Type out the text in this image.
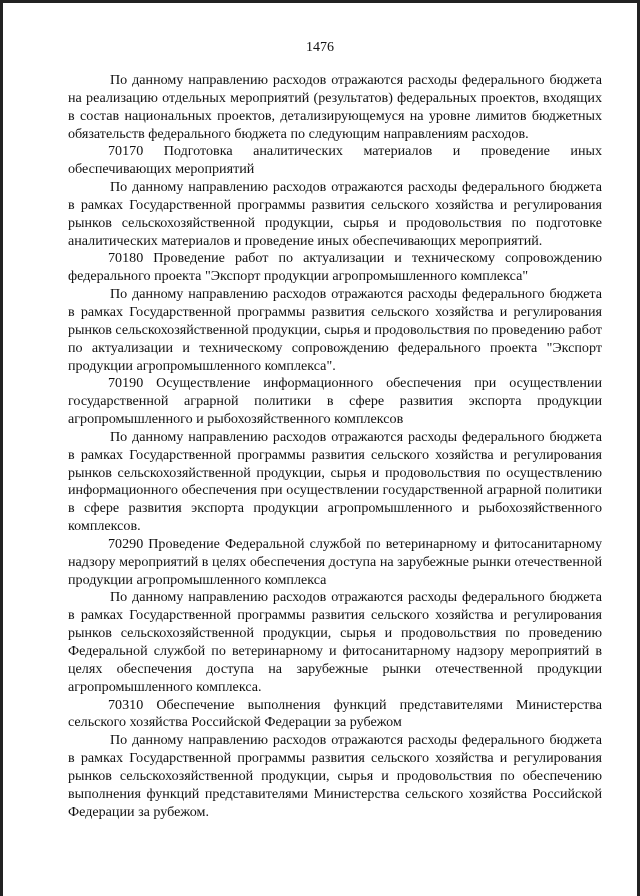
1476

По данному направлению расходов отражаются расходы федерального бюджета на реализацию отдельных мероприятий (результатов) федеральных проектов, входящих в состав национальных проектов, детализирующемуся на уровне лимитов бюджетных обязательств федерального бюджета по следующим направлениям расходов.

70170 Подготовка аналитических материалов и проведение иных обеспечивающих мероприятий

По данному направлению расходов отражаются расходы федерального бюджета в рамках Государственной программы развития сельского хозяйства и регулирования рынков сельскохозяйственной продукции, сырья и продовольствия по подготовке аналитических материалов и проведение иных обеспечивающих мероприятий.

70180 Проведение работ по актуализации и техническому сопровождению федерального проекта "Экспорт продукции агропромышленного комплекса"

По данному направлению расходов отражаются расходы федерального бюджета в рамках Государственной программы развития сельского хозяйства и регулирования рынков сельскохозяйственной продукции, сырья и продовольствия по проведению работ по актуализации и техническому сопровождению федерального проекта "Экспорт продукции агропромышленного комплекса".

70190 Осуществление информационного обеспечения при осуществлении государственной аграрной политики в сфере развития экспорта продукции агропромышленного и рыбохозяйственного комплексов

По данному направлению расходов отражаются расходы федерального бюджета в рамках Государственной программы развития сельского хозяйства и регулирования рынков сельскохозяйственной продукции, сырья и продовольствия по осуществлению информационного обеспечения при осуществлении государственной аграрной политики в сфере развития экспорта продукции агропромышленного и рыбохозяйственного комплексов.

70290 Проведение Федеральной службой по ветеринарному и фитосанитарному надзору мероприятий в целях обеспечения доступа на зарубежные рынки отечественной продукции агропромышленного комплекса

По данному направлению расходов отражаются расходы федерального бюджета в рамках Государственной программы развития сельского хозяйства и регулирования рынков сельскохозяйственной продукции, сырья и продовольствия по проведению Федеральной службой по ветеринарному и фитосанитарному надзору мероприятий в целях обеспечения доступа на зарубежные рынки отечественной продукции агропромышленного комплекса.

70310 Обеспечение выполнения функций представителями Министерства сельского хозяйства Российской Федерации за рубежом

По данному направлению расходов отражаются расходы федерального бюджета в рамках Государственной программы развития сельского хозяйства и регулирования рынков сельскохозяйственной продукции, сырья и продовольствия по обеспечению выполнения функций представителями Министерства сельского хозяйства Российской Федерации за рубежом.
